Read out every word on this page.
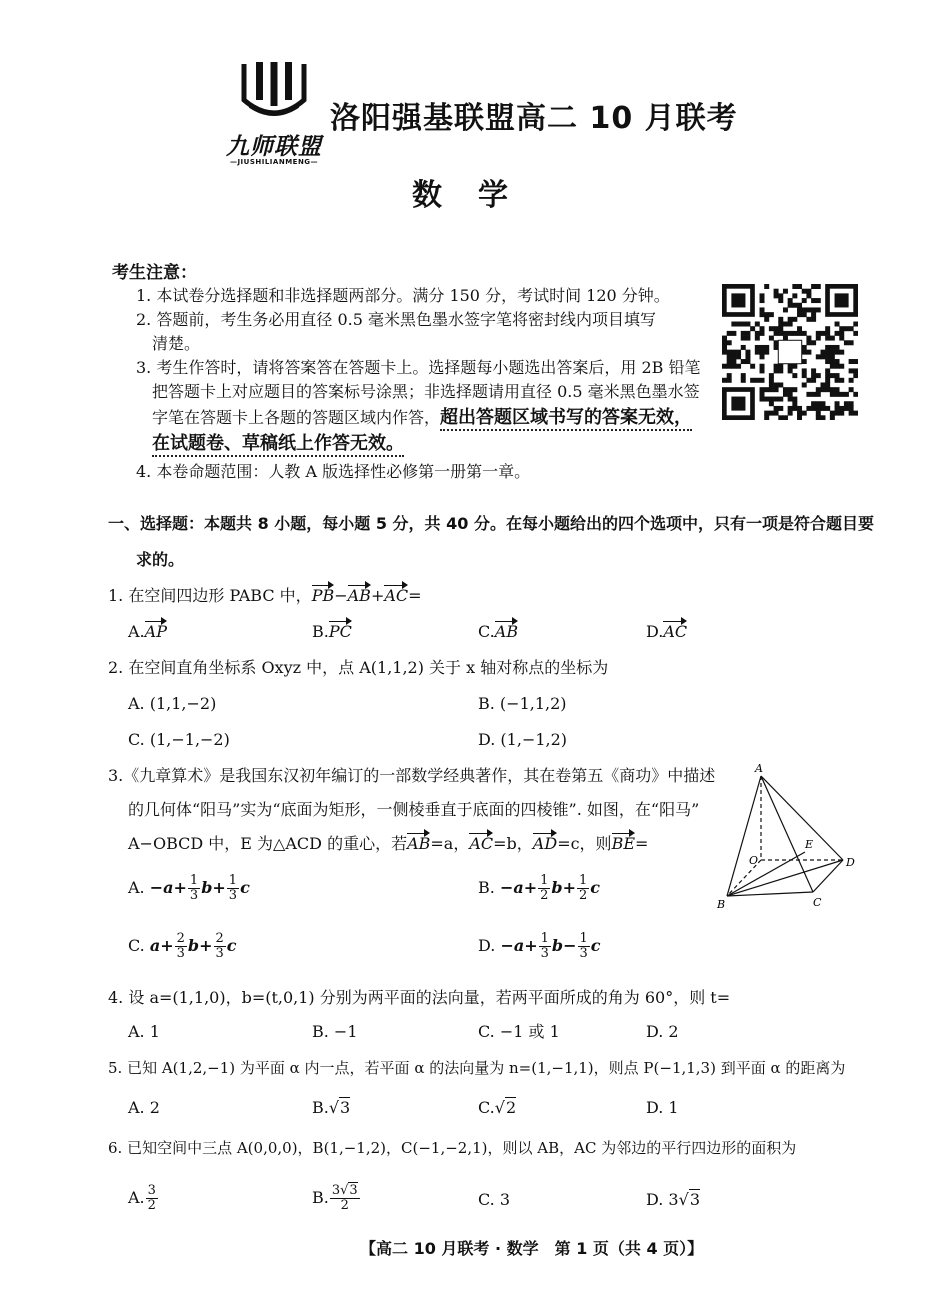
九师联盟
—JIUSHILIANMENG—
洛阳强基联盟高二 10 月联考
数学
考生注意：
1. 本试卷分选择题和非选择题两部分。满分 150 分，考试时间 120 分钟。
2. 答题前，考生务必用直径 0.5 毫米黑色墨水签字笔将密封线内项目填写
清楚。
3. 考生作答时，请将答案答在答题卡上。选择题每小题选出答案后，用 2B 铅笔
把答题卡上对应题目的答案标号涂黑；非选择题请用直径 0.5 毫米黑色墨水签
字笔在答题卡上各题的答题区域内作答，超出答题区域书写的答案无效，
在试题卷、草稿纸上作答无效。
4. 本卷命题范围：人教 A 版选择性必修第一册第一章。
一、选择题：本题共 8 小题，每小题 5 分，共 40 分。在每小题给出的四个选项中，只有一项是符合题目要
求的。
1. 在空间四边形 PABC 中，PB−AB+AC=
A.AP	B.PC	C.AB	D.AC
2. 在空间直角坐标系 Oxyz 中，点 A(1,1,2) 关于 x 轴对称点的坐标为
A. (1,1,−2)	B. (−1,1,2)
C. (1,−1,−2)	D. (1,−1,2)
3.《九章算术》是我国东汉初年编订的一部数学经典著作，其在卷第五《商功》中描述
的几何体“阳马”实为“底面为矩形，一侧棱垂直于底面的四棱锥”. 如图，在“阳马”
A−OBCD 中，E 为△ACD 的重心，若AB=a，AC=b，AD=c，则BE=
A. $-a+ \frac{1}{3} b+ \frac{1}{3}$ c	B. $-a+ \frac{1}{2} b+ \frac{1}{2}$ c
C. $a+ \frac{2}{3} b+ \frac{2}{3}$ c	D. $-a+ \frac{1}{3} b- \frac{1}{3}$ c
A
O
E
D
B	C
4. 设 a=(1,1,0)，b=(t,0,1) 分别为两平面的法向量，若两平面所成的角为 60°，则 t=
A. 1	B. −1	C. −1 或 1	D. 2
5. 已知 A(1,2,−1) 为平面 α 内一点，若平面 α 的法向量为 n=(1,−1,1)，则点 P(−1,1,3) 到平面 α 的距离为
A. 2	B.√3	C.√2	D. 1
6. 已知空间中三点 A(0,0,0)，B(1,−1,2)，C(−1,−2,1)，则以 AB，AC 为邻边的平行四边形的面积为
A. $\frac{3}{2}$	B. $\frac{3√3}{2}$	C. 3	D. 3√3
【高二 10 月联考 · 数学　第 1 页（共 4 页）】
